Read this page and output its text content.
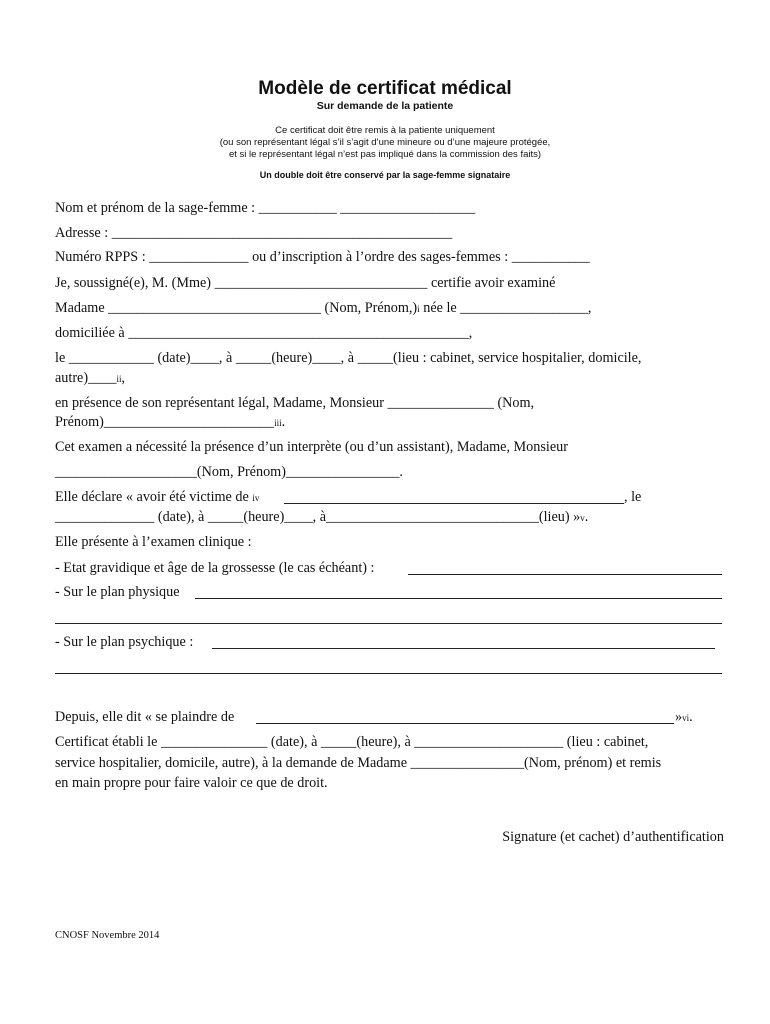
Modèle de certificat médical
Sur demande de la patiente
Ce certificat doit être remis à la patiente uniquement
(ou son représentant légal s’il s’agit d’une mineure ou d’une majeure protégée,
et si le représentant légal n’est pas impliqué dans la commission des faits)
Un double doit être conservé par la sage-femme signataire
Nom et prénom de la sage-femme : ___________ ___________________
Adresse : ________________________________________________
Numéro RPPS : ______________ ou d’inscription à l’ordre des sages-femmes : ___________
Je, soussigné(e), M. (Mme) ______________________________ certifie avoir examiné
Madame ______________________________ (Nom, Prénom,)i née le __________________,
domiciliée à ________________________________________________,
le ____________ (date)____, à _____(heure)____, à _____(lieu : cabinet, service hospitalier, domicile,
autre)____ii,
en présence de son représentant légal, Madame, Monsieur _______________ (Nom,
Prénom)________________________iii.
Cet examen a nécessité la présence d’un interprète (ou d’un assistant), Madame, Monsieur
____________________(Nom, Prénom)________________.
Elle déclare « avoir été victime de iv	, le
______________ (date), à _____(heure)____, à______________________________(lieu) »v.
Elle présente à l’examen clinique :
- Etat gravidique et âge de la grossesse (le cas échéant) :
- Sur le plan physique
- Sur le plan psychique :
Depuis, elle dit « se plaindre de	»vi.
Certificat établi le _______________ (date), à _____(heure), à _____________________ (lieu : cabinet,
service hospitalier, domicile, autre), à la demande de Madame ________________(Nom, prénom) et remis
en main propre pour faire valoir ce que de droit.
Signature (et cachet) d’authentification
CNOSF Novembre 2014
